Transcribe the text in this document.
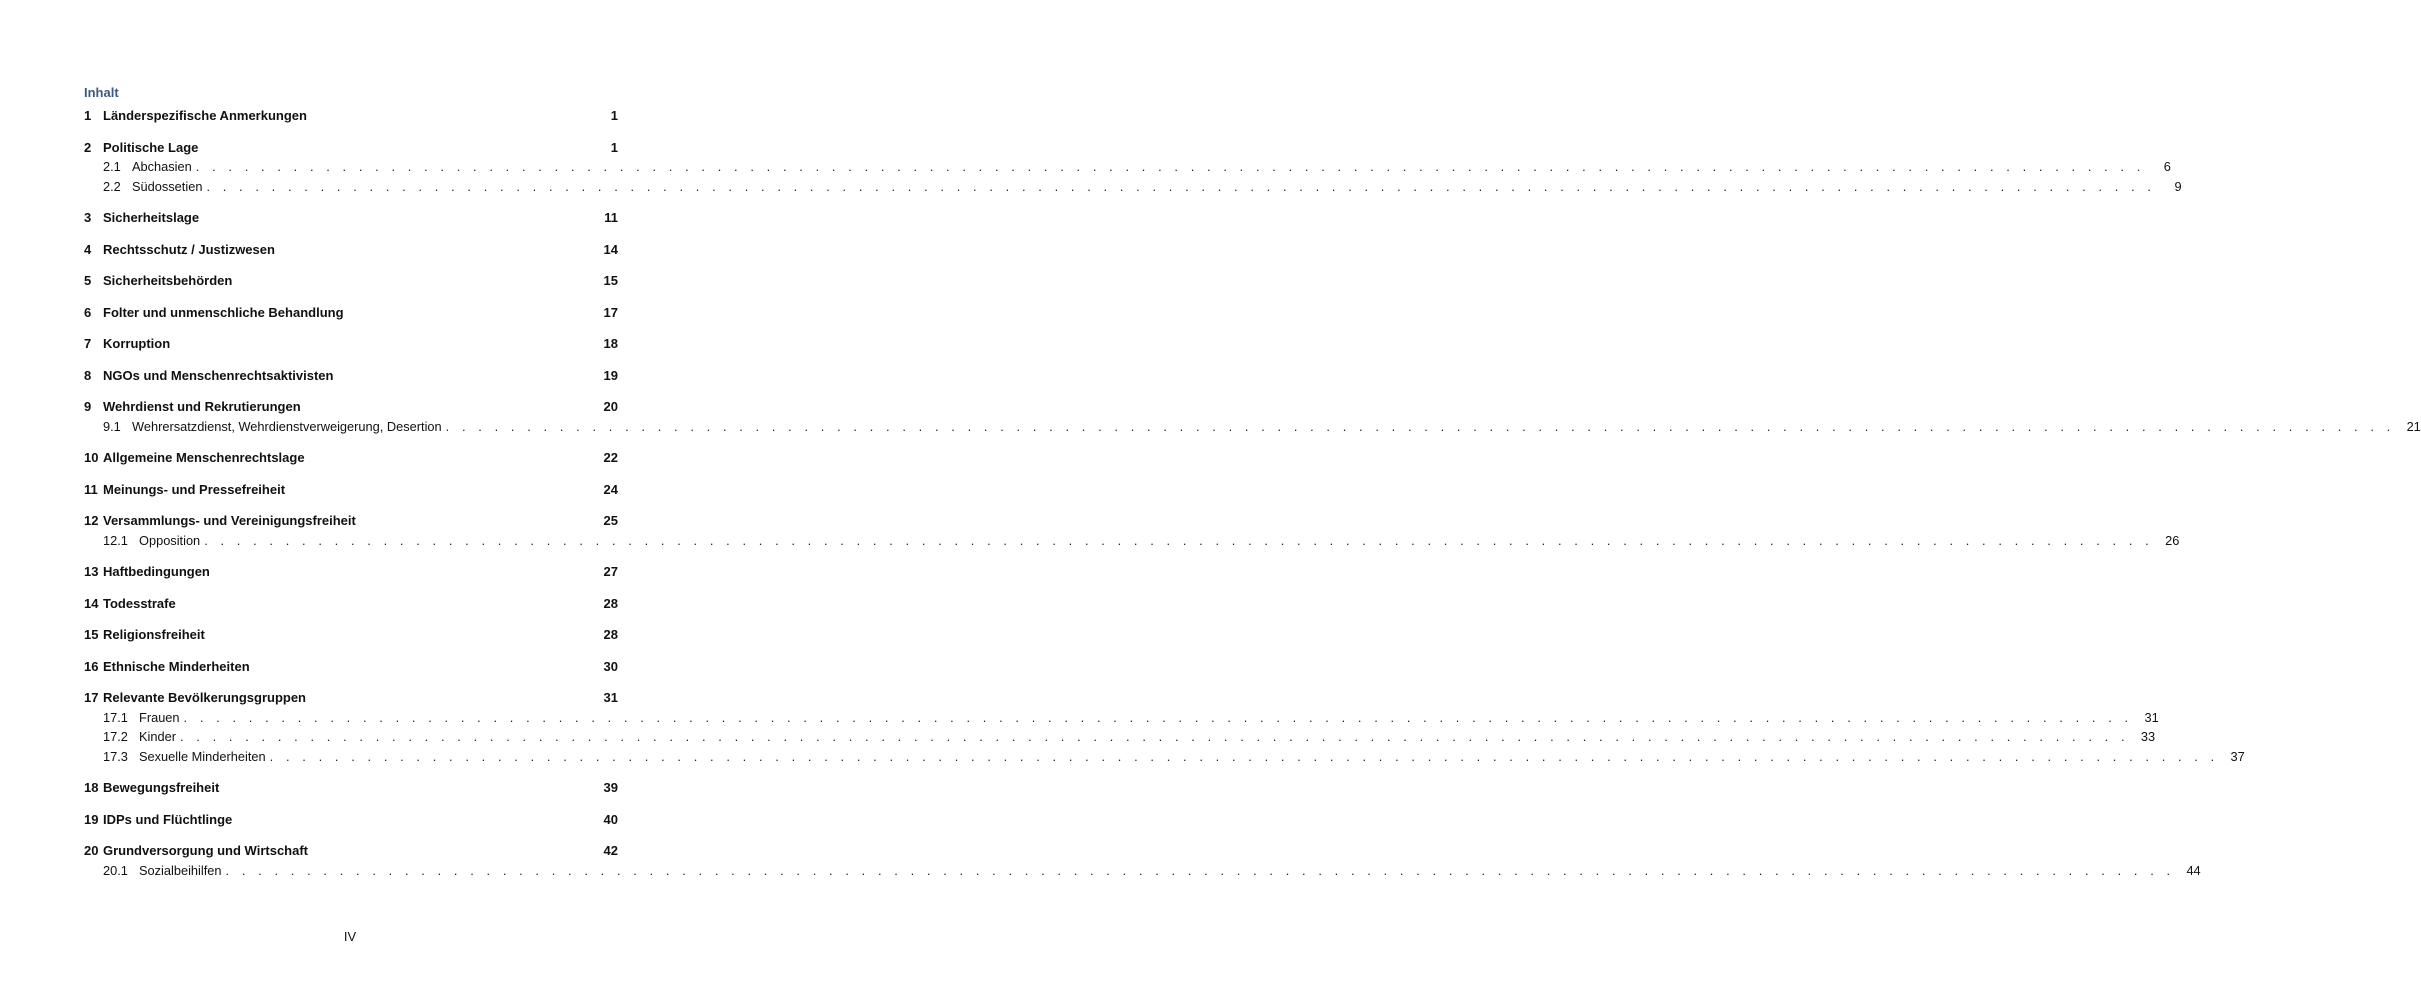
Inhalt
1 Länderspezifische Anmerkungen	1
2 Politische Lage	1
2.1 Abchasien . . . . . . . . . . . . . . . . . . . . . . . . . . . . . . . . . . . . . . . . . . . . . . . . . . . . . . . . . . . . . . . . . . . . . . . . . . . . . . . . . . . . . . . . . . . . . . . . . . . . . . . . . . . . . . . . . . . . . . . .	6
2.2 Südossetien . . . . . . . . . . . . . . . . . . . . . . . . . . . . . . . . . . . . . . . . . . . . . . . . . . . . . . . . . . . . . . . . . . . . . . . . . . . . . . . . . . . . . . . . . . . . . . . . . . . . . . . . . . . . . . . . . . . . . . . .	9
3 Sicherheitslage	11
4 Rechtsschutz / Justizwesen	14
5 Sicherheitsbehörden	15
6 Folter und unmenschliche Behandlung	17
7 Korruption	18
8 NGOs und Menschenrechtsaktivisten	19
9 Wehrdienst und Rekrutierungen	20
9.1 Wehrersatzdienst, Wehrdienstverweigerung, Desertion . . . . . . . . . . . . . . . . . . . . . . . . . . . . . . . . . . . . . . . . . . . . . . . . . . . . . . . . . . . . . . . . . . . . . . . . . . . . . . . . . . . . . . . . . . . . . . . . . . . . . . . . . . . . . . . . . . . . . . . . 21
10 Allgemeine Menschenrechtslage	22
11 Meinungs- und Pressefreiheit	24
12 Versammlungs- und Vereinigungsfreiheit	25
12.1 Opposition . . . . . . . . . . . . . . . . . . . . . . . . . . . . . . . . . . . . . . . . . . . . . . . . . . . . . . . . . . . . . . . . . . . . . . . . . . . . . . . . . . . . . . . . . . . . . . . . . . . . . . . . . . . . . . . . . . . . . . . . 26
13 Haftbedingungen	27
14 Todesstrafe	28
15 Religionsfreiheit	28
16 Ethnische Minderheiten	30
17 Relevante Bevölkerungsgruppen	31
17.1 Frauen . . . . . . . . . . . . . . . . . . . . . . . . . . . . . . . . . . . . . . . . . . . . . . . . . . . . . . . . . . . . . . . . . . . . . . . . . . . . . . . . . . . . . . . . . . . . . . . . . . . . . . . . . . . . . . . . . . . . . . . . 31
17.2 Kinder . . . . . . . . . . . . . . . . . . . . . . . . . . . . . . . . . . . . . . . . . . . . . . . . . . . . . . . . . . . . . . . . . . . . . . . . . . . . . . . . . . . . . . . . . . . . . . . . . . . . . . . . . . . . . . . . . . . . . . . . 33
17.3 Sexuelle Minderheiten . . . . . . . . . . . . . . . . . . . . . . . . . . . . . . . . . . . . . . . . . . . . . . . . . . . . . . . . . . . . . . . . . . . . . . . . . . . . . . . . . . . . . . . . . . . . . . . . . . . . . . . . . . . . . . . . . . . . . . . . 37
18 Bewegungsfreiheit	39
19 IDPs und Flüchtlinge	40
20 Grundversorgung und Wirtschaft	42
20.1 Sozialbeihilfen . . . . . . . . . . . . . . . . . . . . . . . . . . . . . . . . . . . . . . . . . . . . . . . . . . . . . . . . . . . . . . . . . . . . . . . . . . . . . . . . . . . . . . . . . . . . . . . . . . . . . . . . . . . . . . . . . . . . . . . . 44
IV
